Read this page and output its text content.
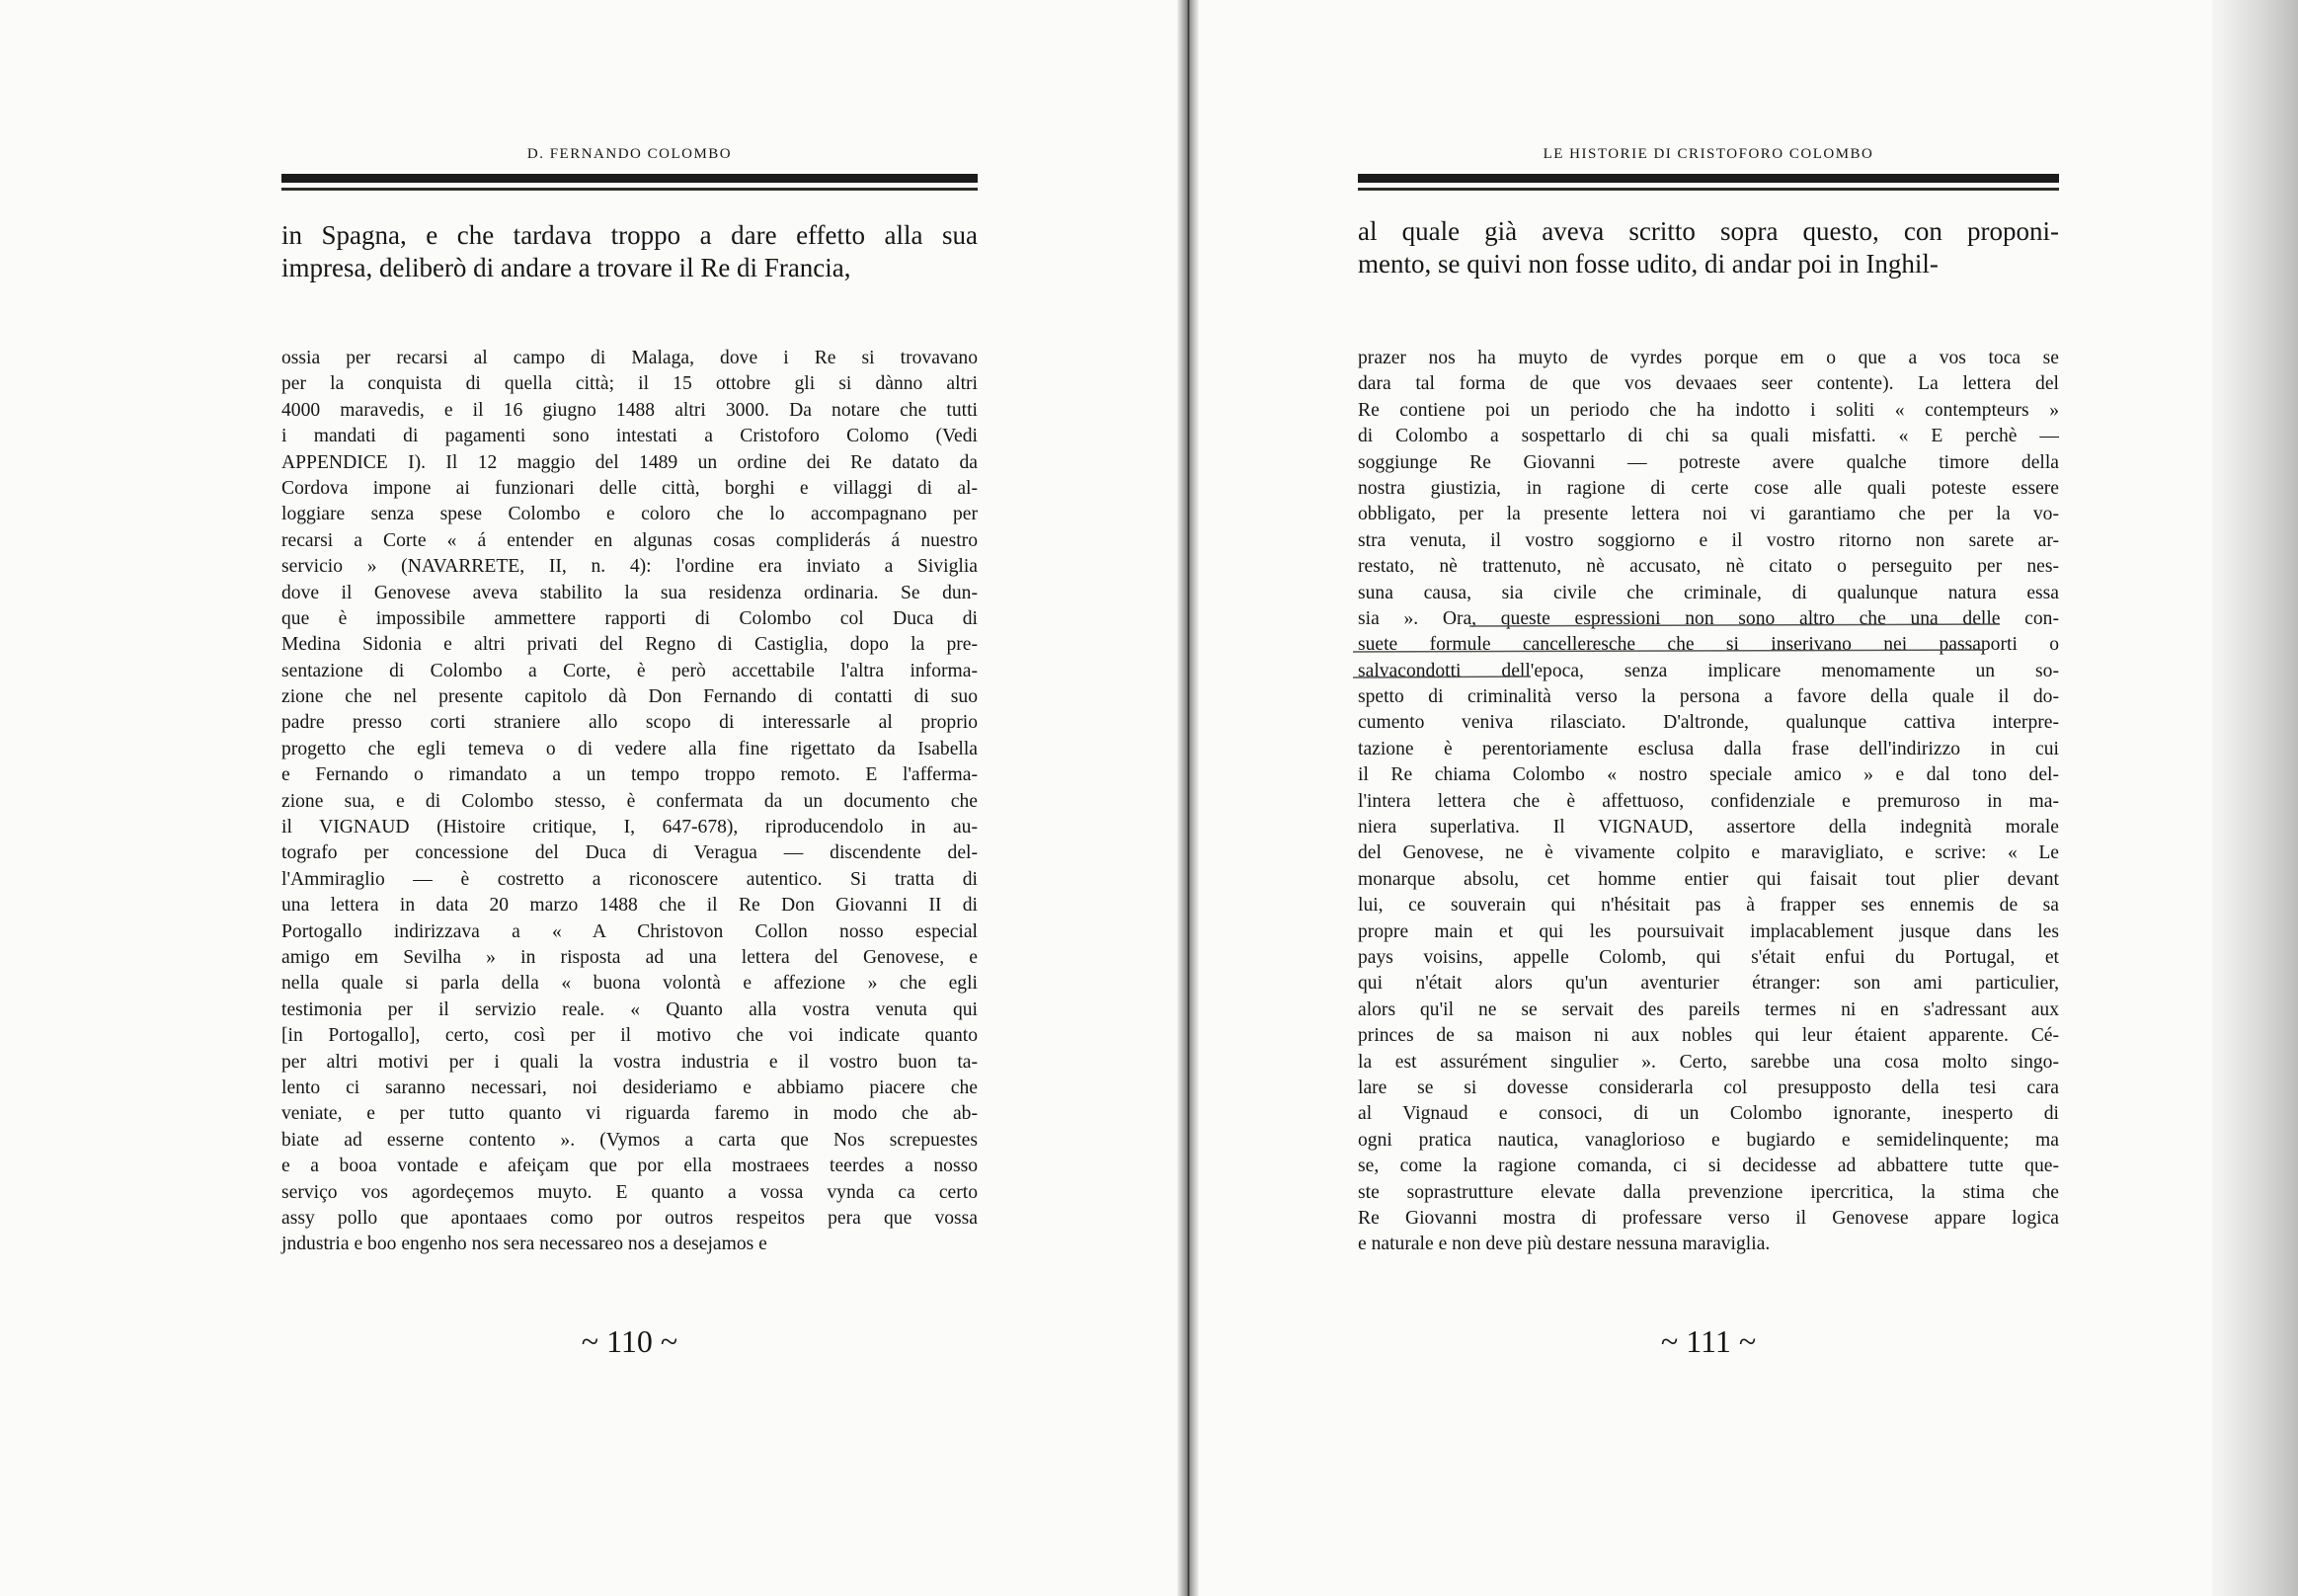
D. FERNANDO COLOMBO
in Spagna, e che tardava troppo a dare effetto alla sua
impresa, deliberò di andare a trovare il Re di Francia,
ossia per recarsi al campo di Malaga, dove i Re si trovavano
per la conquista di quella città; il 15 ottobre gli si dànno altri
4000 maravedis, e il 16 giugno 1488 altri 3000. Da notare che tutti
i mandati di pagamenti sono intestati a Cristoforo Colomo (Vedi
APPENDICE I). Il 12 maggio del 1489 un ordine dei Re datato da
Cordova impone ai funzionari delle città, borghi e villaggi di al-
loggiare senza spese Colombo e coloro che lo accompagnano per
recarsi a Corte « á entender en algunas cosas compliderás á nuestro
servicio » (NAVARRETE, II, n. 4): l'ordine era inviato a Siviglia
dove il Genovese aveva stabilito la sua residenza ordinaria. Se dun-
que è impossibile ammettere rapporti di Colombo col Duca di
Medina Sidonia e altri privati del Regno di Castiglia, dopo la pre-
sentazione di Colombo a Corte, è però accettabile l'altra informa-
zione che nel presente capitolo dà Don Fernando di contatti di suo
padre presso corti straniere allo scopo di interessarle al proprio
progetto che egli temeva o di vedere alla fine rigettato da Isabella
e Fernando o rimandato a un tempo troppo remoto. E l'afferma-
zione sua, e di Colombo stesso, è confermata da un documento che
il VIGNAUD (Histoire critique, I, 647-678), riproducendolo in au-
tografo per concessione del Duca di Veragua — discendente del-
l'Ammiraglio — è costretto a riconoscere autentico. Si tratta di
una lettera in data 20 marzo 1488 che il Re Don Giovanni II di
Portogallo indirizzava a « A Christovon Collon nosso especial
amigo em Sevilha » in risposta ad una lettera del Genovese, e
nella quale si parla della « buona volontà e affezione » che egli
testimonia per il servizio reale. « Quanto alla vostra venuta qui
[in Portogallo], certo, così per il motivo che voi indicate quanto
per altri motivi per i quali la vostra industria e il vostro buon ta-
lento ci saranno necessari, noi desideriamo e abbiamo piacere che
veniate, e per tutto quanto vi riguarda faremo in modo che ab-
biate ad esserne contento ». (Vymos a carta que Nos screpuestes
e a booa vontade e afeiçam que por ella mostraees teerdes a nosso
serviço vos agordeçemos muyto. E quanto a vossa vynda ca certo
assy pollo que apontaaes como por outros respeitos pera que vossa
jndustria e boo engenho nos sera necessareo nos a desejamos e
~ 110 ~
LE HISTORIE DI CRISTOFORO COLOMBO
al quale già aveva scritto sopra questo, con proponi-
mento, se quivi non fosse udito, di andar poi in Inghil-
prazer nos ha muyto de vyrdes porque em o que a vos toca se
dara tal forma de que vos devaaes seer contente). La lettera del
Re contiene poi un periodo che ha indotto i soliti « contempteurs »
di Colombo a sospettarlo di chi sa quali misfatti. « E perchè —
soggiunge Re Giovanni — potreste avere qualche timore della
nostra giustizia, in ragione di certe cose alle quali poteste essere
obbligato, per la presente lettera noi vi garantiamo che per la vo-
stra venuta, il vostro soggiorno e il vostro ritorno non sarete ar-
restato, nè trattenuto, nè accusato, nè citato o perseguito per nes-
suna causa, sia civile che criminale, di qualunque natura essa
sia ». Ora, queste espressioni non sono altro che una delle con-
suete formule cancelleresche che si inserivano nei passaporti o
salvacondotti dell'epoca, senza implicare menomamente un so-
spetto di criminalità verso la persona a favore della quale il do-
cumento veniva rilasciato. D'altronde, qualunque cattiva interpre-
tazione è perentoriamente esclusa dalla frase dell'indirizzo in cui
il Re chiama Colombo « nostro speciale amico » e dal tono del-
l'intera lettera che è affettuoso, confidenziale e premuroso in ma-
niera superlativa. Il VIGNAUD, assertore della indegnità morale
del Genovese, ne è vivamente colpito e maravigliato, e scrive: « Le
monarque absolu, cet homme entier qui faisait tout plier devant
lui, ce souverain qui n'hésitait pas à frapper ses ennemis de sa
propre main et qui les poursuivait implacablement jusque dans les
pays voisins, appelle Colomb, qui s'était enfui du Portugal, et
qui n'était alors qu'un aventurier étranger: son ami particulier,
alors qu'il ne se servait des pareils termes ni en s'adressant aux
princes de sa maison ni aux nobles qui leur étaient apparente. Cé-
la est assurément singulier ». Certo, sarebbe una cosa molto singo-
lare se si dovesse considerarla col presupposto della tesi cara
al Vignaud e consoci, di un Colombo ignorante, inesperto di
ogni pratica nautica, vanaglorioso e bugiardo e semidelinquente; ma
se, come la ragione comanda, ci si decidesse ad abbattere tutte que-
ste soprastrutture elevate dalla prevenzione ipercritica, la stima che
Re Giovanni mostra di professare verso il Genovese appare logica
e naturale e non deve più destare nessuna maraviglia.
~ 111 ~
